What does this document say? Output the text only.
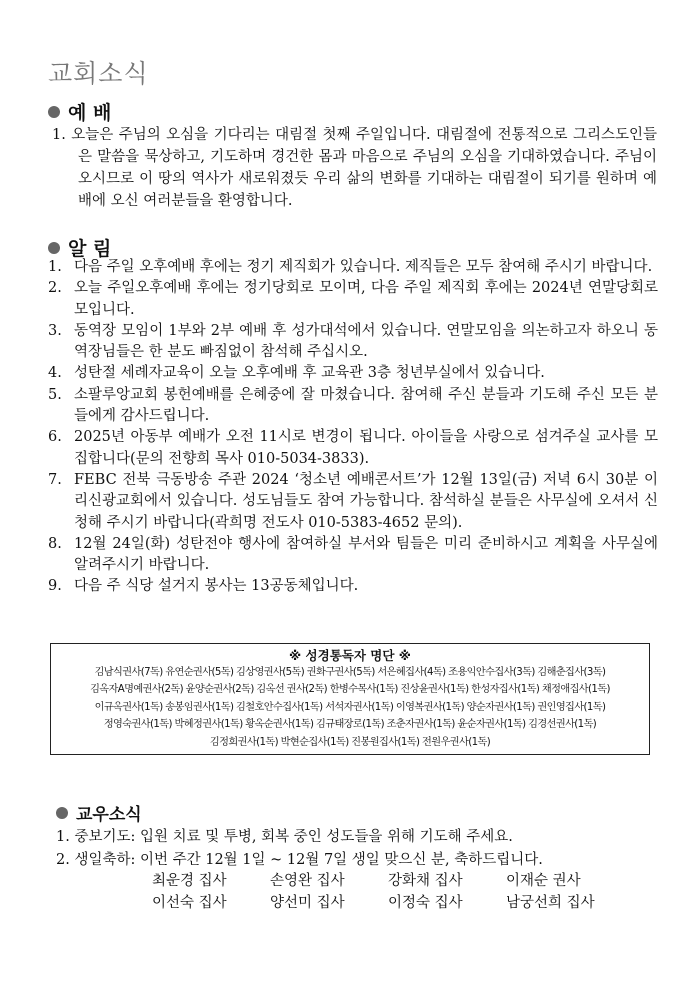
교회소식
예 배
1. 오늘은 주님의 오심을 기다리는 대림절 첫째 주일입니다. 대림절에 전통적으로 그리스도인들은 말씀을 묵상하고, 기도하며 경건한 몸과 마음으로 주님의 오심을 기대하였습니다. 주님이 오시므로 이 땅의 역사가 새로워졌듯 우리 삶의 변화를 기대하는 대림절이 되기를 원하며 예배에 오신 여러분들을 환영합니다.
알 림
1. 다음 주일 오후예배 후에는 정기 제직회가 있습니다. 제직들은 모두 참여해 주시기 바랍니다.
2. 오늘 주일오후예배 후에는 정기당회로 모이며, 다음 주일 제직회 후에는 2024년 연말당회로 모입니다.
3. 동역장 모임이 1부와 2부 예배 후 성가대석에서 있습니다. 연말모임을 의논하고자 하오니 동역장님들은 한 분도 빠짐없이 참석해 주십시오.
4. 성탄절 세례자교육이 오늘 오후예배 후 교육관 3층 청년부실에서 있습니다.
5. 소팔루앙교회 봉헌예배를 은혜중에 잘 마쳤습니다. 참여해 주신 분들과 기도해 주신 모든 분들에게 감사드립니다.
6. 2025년 아동부 예배가 오전 11시로 변경이 됩니다. 아이들을 사랑으로 섬겨주실 교사를 모집합니다(문의 전향희 목사 010-5034-3833).
7. FEBC 전북 극동방송 주관 2024 ‘청소년 예배콘서트’가 12월 13일(금) 저녁 6시 30분 이리신광교회에서 있습니다. 성도님들도 참여 가능합니다. 참석하실 분들은 사무실에 오셔서 신청해 주시기 바랍니다(곽희명 전도사 010-5383-4652 문의).
8. 12월 24일(화) 성탄전야 행사에 참여하실 부서와 팀들은 미리 준비하시고 계획을 사무실에 알려주시기 바랍니다.
9. 다음 주 식당 설거지 봉사는 13공동체입니다.
※ 성경통독자 명단 ※
김남식권사(7독) 유연순권사(5독) 김상영권사(5독) 권화구권사(5독) 서은혜집사(4독) 조용익안수집사(3독) 김해춘집사(3독)
김옥자A명예권사(2독) 윤양순권사(2독) 김옥선 권사(2독) 한병수목사(1독) 진상윤권사(1독) 한성자집사(1독) 채정애집사(1독)
이규옥권사(1독) 송봉임권사(1독) 김철호안수집사(1독) 서석자권사(1독) 이영복권사(1독) 양순자권사(1독) 권인영집사(1독)
정영숙권사(1독) 박혜정권사(1독) 황옥순권사(1독) 김규태장로(1독) 조춘자권사(1독) 윤순자권사(1독) 김경선권사(1독)
김정희권사(1독) 박현순집사(1독) 진봉원집사(1독) 전원우권사(1독)
교우소식
1. 중보기도: 입원 치료 및 투병, 회복 중인 성도들을 위해 기도해 주세요.
2. 생일축하: 이번 주간 12월 1일 ~ 12월 7일 생일 맞으신 분, 축하드립니다.
최운경 집사	손영완 집사	강화채 집사	이재순 권사
이선숙 집사	양선미 집사	이정숙 집사	남궁선희 집사
